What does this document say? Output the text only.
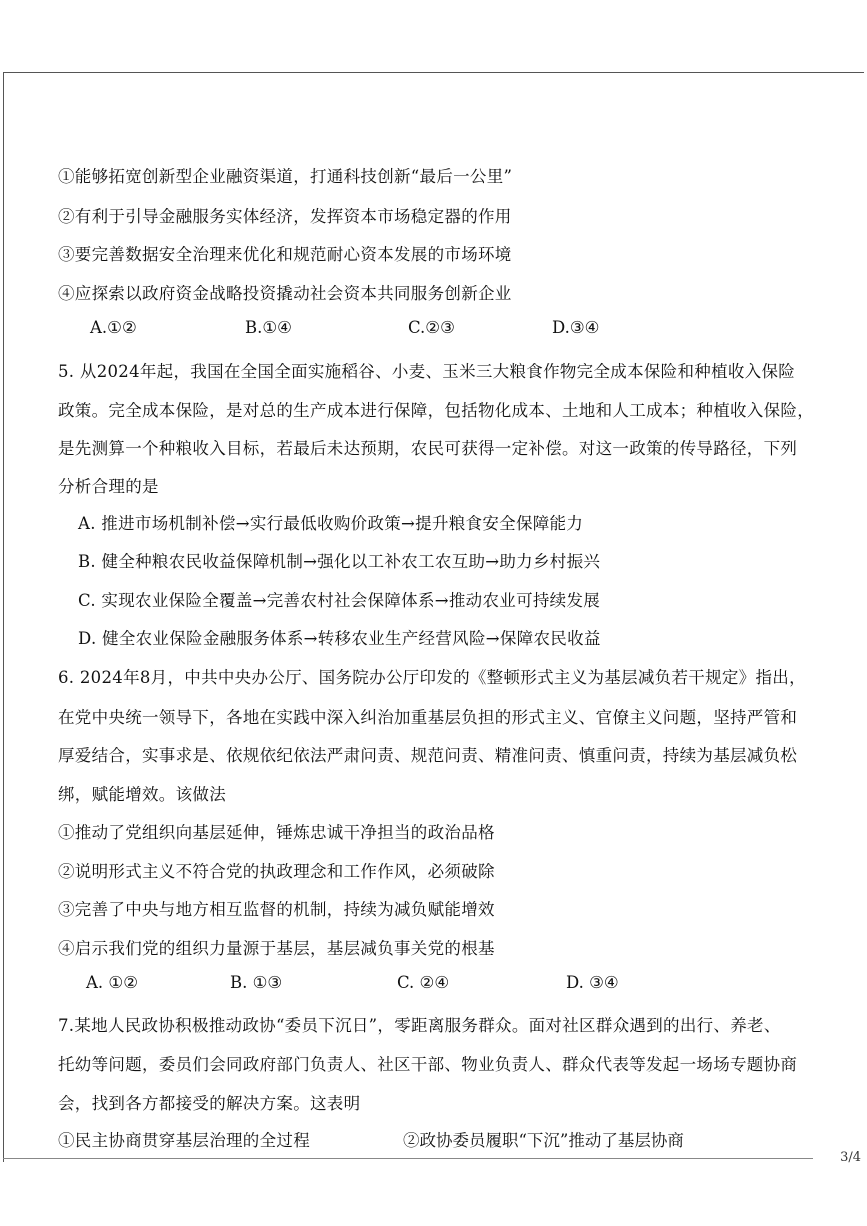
①能够拓宽创新型企业融资渠道，打通科技创新“最后一公里”
②有利于引导金融服务实体经济，发挥资本市场稳定器的作用
③要完善数据安全治理来优化和规范耐心资本发展的市场环境
④应探索以政府资金战略投资撬动社会资本共同服务创新企业
A.①②	B.①④	C.②③	D.③④
5. 从2024年起，我国在全国全面实施稻谷、小麦、玉米三大粮食作物完全成本保险和种植收入保险
政策。完全成本保险，是对总的生产成本进行保障，包括物化成本、土地和人工成本；种植收入保险，
是先测算一个种粮收入目标，若最后未达预期，农民可获得一定补偿。对这一政策的传导路径，下列
分析合理的是
A. 推进市场机制补偿→实行最低收购价政策→提升粮食安全保障能力
B. 健全种粮农民收益保障机制→强化以工补农工农互助→助力乡村振兴
C. 实现农业保险全覆盖→完善农村社会保障体系→推动农业可持续发展
D. 健全农业保险金融服务体系→转移农业生产经营风险→保障农民收益
6. 2024年8月，中共中央办公厅、国务院办公厅印发的《整顿形式主义为基层减负若干规定》指出，
在党中央统一领导下，各地在实践中深入纠治加重基层负担的形式主义、官僚主义问题，坚持严管和
厚爱结合，实事求是、依规依纪依法严肃问责、规范问责、精准问责、慎重问责，持续为基层减负松
绑，赋能增效。该做法
①推动了党组织向基层延伸，锤炼忠诚干净担当的政治品格
②说明形式主义不符合党的执政理念和工作作风，必须破除
③完善了中央与地方相互监督的机制，持续为减负赋能增效
④启示我们党的组织力量源于基层，基层减负事关党的根基
A. ①②	B. ①③	C. ②④	D. ③④
7.某地人民政协积极推动政协“委员下沉日”，零距离服务群众。面对社区群众遇到的出行、养老、
托幼等问题，委员们会同政府部门负责人、社区干部、物业负责人、群众代表等发起一场场专题协商
会，找到各方都接受的解决方案。这表明
①民主协商贯穿基层治理的全过程	②政协委员履职“下沉”推动了基层协商
3/4
